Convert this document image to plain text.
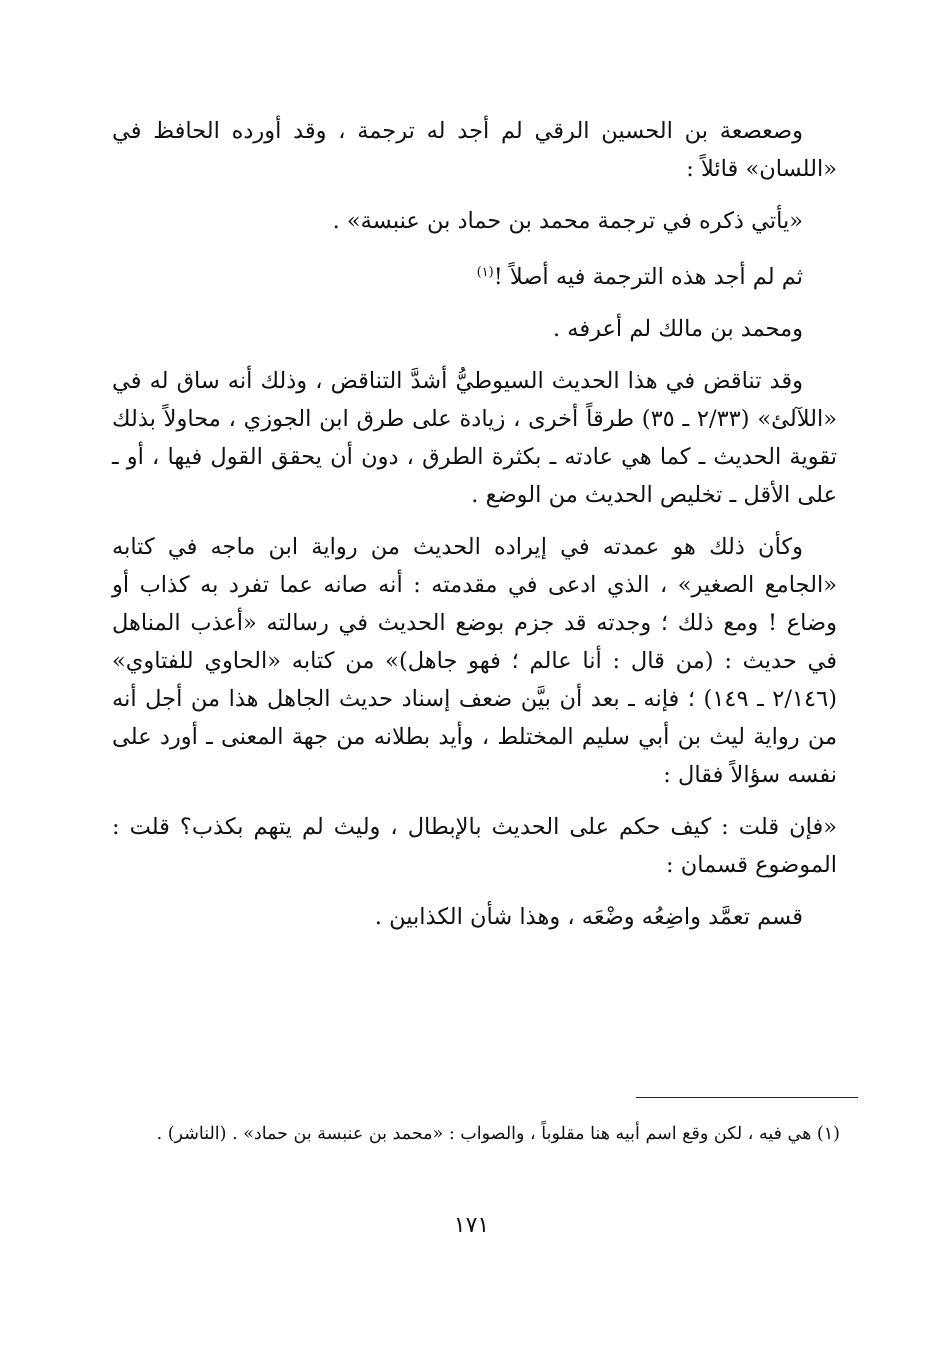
وصعصعة بن الحسين الرقي لم أجد له ترجمة ، وقد أورده الحافظ في «اللسان» قائلاً :

«يأتي ذكره في ترجمة محمد بن حماد بن عنبسة» .

ثم لم أجد هذه الترجمة فيه أصلاً !$^{(١)}$

ومحمد بن مالك لم أعرفه .

وقد تناقض في هذا الحديث السيوطيُّ أشدَّ التناقض ، وذلك أنه ساق له في «اللآلئ» (٢/٣٣ ـ ٣٥) طرقاً أخرى ، زيادة على طرق ابن الجوزي ، محاولاً بذلك تقوية الحديث ـ كما هي عادته ـ بكثرة الطرق ، دون أن يحقق القول فيها ، أو ـ على الأقل ـ تخليص الحديث من الوضع .

وكأن ذلك هو عمدته في إيراده الحديث من رواية ابن ماجه في كتابه «الجامع الصغير» ، الذي ادعى في مقدمته : أنه صانه عما تفرد به كذاب أو وضاع ! ومع ذلك ؛ وجدته قد جزم بوضع الحديث في رسالته «أعذب المناهل في حديث : (من قال : أنا عالم ؛ فهو جاهل)» من كتابه «الحاوي للفتاوي» (٢/١٤٦ ـ ١٤٩) ؛ فإنه ـ بعد أن بيَّن ضعف إسناد حديث الجاهل هذا من أجل أنه من رواية ليث بن أبي سليم المختلط ، وأيد بطلانه من جهة المعنى ـ أورد على نفسه سؤالاً فقال :

«فإن قلت : كيف حكم على الحديث بالإبطال ، وليث لم يتهم بكذب؟ قلت : الموضوع قسمان :

قسم تعمَّد واضِعُه وضْعَه ، وهذا شأن الكذابين .

(١) هي فيه ، لكن وقع اسم أبيه هنا مقلوباً ، والصواب : «محمد بن عنبسة بن حماد» . (الناشر) .

١٧١
